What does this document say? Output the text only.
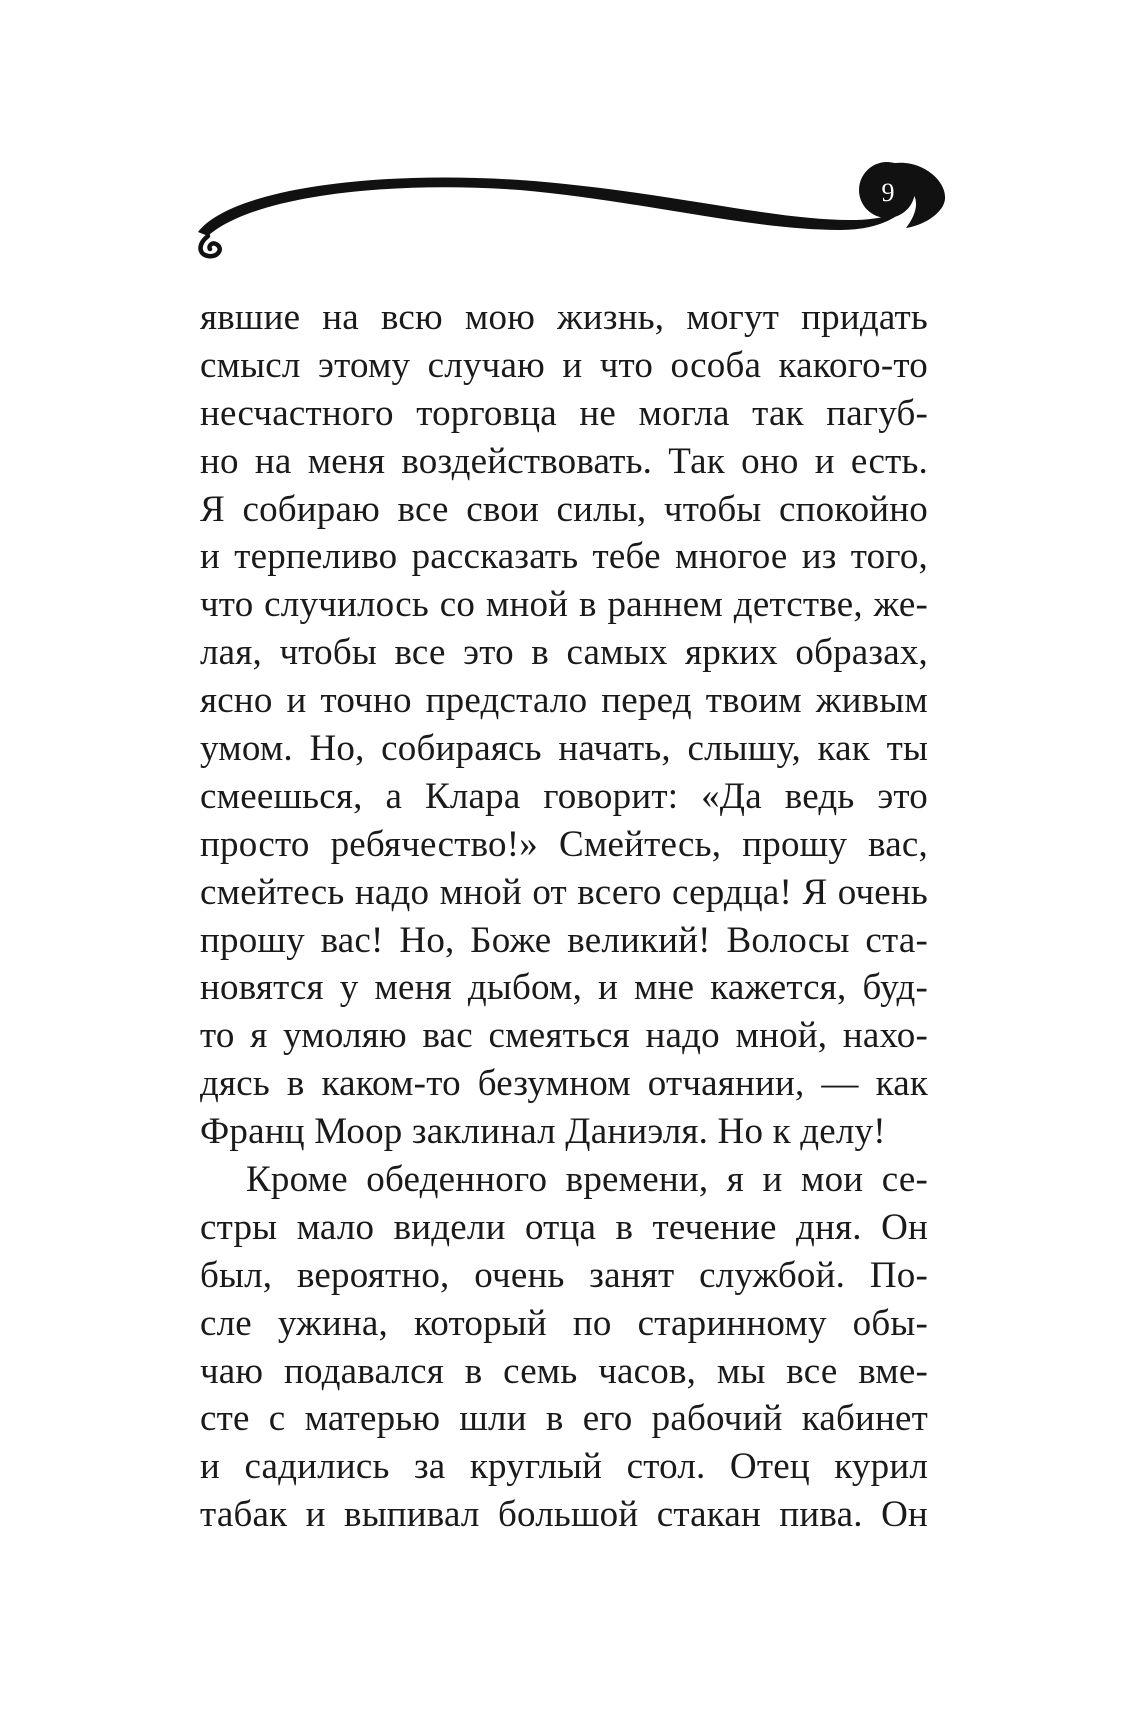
9
явшие на всю мою жизнь, могут придать
смысл этому случаю и что особа какого-то
несчастного торговца не могла так пагуб-
но на меня воздействовать. Так оно и есть.
Я собираю все свои силы, чтобы спокойно
и терпеливо рассказать тебе многое из того,
что случилось со мной в раннем детстве, же-
лая, чтобы все это в самых ярких образах,
ясно и точно предстало перед твоим живым
умом. Но, собираясь начать, слышу, как ты
смеешься, а Клара говорит: «Да ведь это
просто ребячество!» Смейтесь, прошу вас,
смейтесь надо мной от всего сердца! Я очень
прошу вас! Но, Боже великий! Волосы ста-
новятся у меня дыбом, и мне кажется, буд-
то я умоляю вас смеяться надо мной, нахо-
дясь в каком-то безумном отчаянии, — как
Франц Моор заклинал Даниэля. Но к делу!
Кроме обеденного времени, я и мои се-
стры мало видели отца в течение дня. Он
был, вероятно, очень занят службой. По-
сле ужина, который по старинному обы-
чаю подавался в семь часов, мы все вме-
сте с матерью шли в его рабочий кабинет
и садились за круглый стол. Отец курил
табак и выпивал большой стакан пива. Он
